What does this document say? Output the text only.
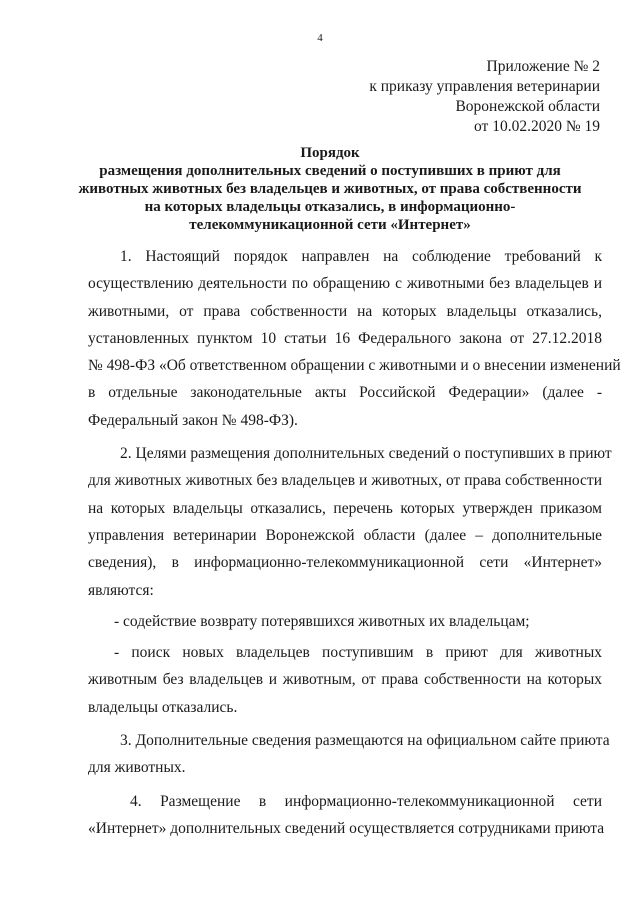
4
Приложение № 2
к приказу управления ветеринарии
Воронежской области
от 10.02.2020 № 19
Порядок
размещения дополнительных сведений о поступивших в приют для
животных животных без владельцев и животных, от права собственности
на которых владельцы отказались, в информационно-
телекоммуникационной сети «Интернет»

1. Настоящий порядок направлен на соблюдение требований к
осуществлению деятельности по обращению с животными без владельцев и
животными, от права собственности на которых владельцы отказались,
установленных пунктом 10 статьи 16 Федерального закона от 27.12.2018
№ 498-ФЗ «Об ответственном обращении с животными и о внесении изменений
в отдельные законодательные акты Российской Федерации» (далее -
Федеральный закон № 498-ФЗ).

2. Целями размещения дополнительных сведений о поступивших в приют
для животных животных без владельцев и животных, от права собственности
на которых владельцы отказались, перечень которых утвержден приказом
управления ветеринарии Воронежской области (далее – дополнительные
сведения), в информационно-телекоммуникационной сети «Интернет»
являются:

- содействие возврату потерявшихся животных их владельцам;

- поиск новых владельцев поступившим в приют для животных
животным без владельцев и животным, от права собственности на которых
владельцы отказались.

3. Дополнительные сведения размещаются на официальном сайте приюта
для животных.

4. Размещение в информационно-телекоммуникационной сети
«Интернет» дополнительных сведений осуществляется сотрудниками приюта
